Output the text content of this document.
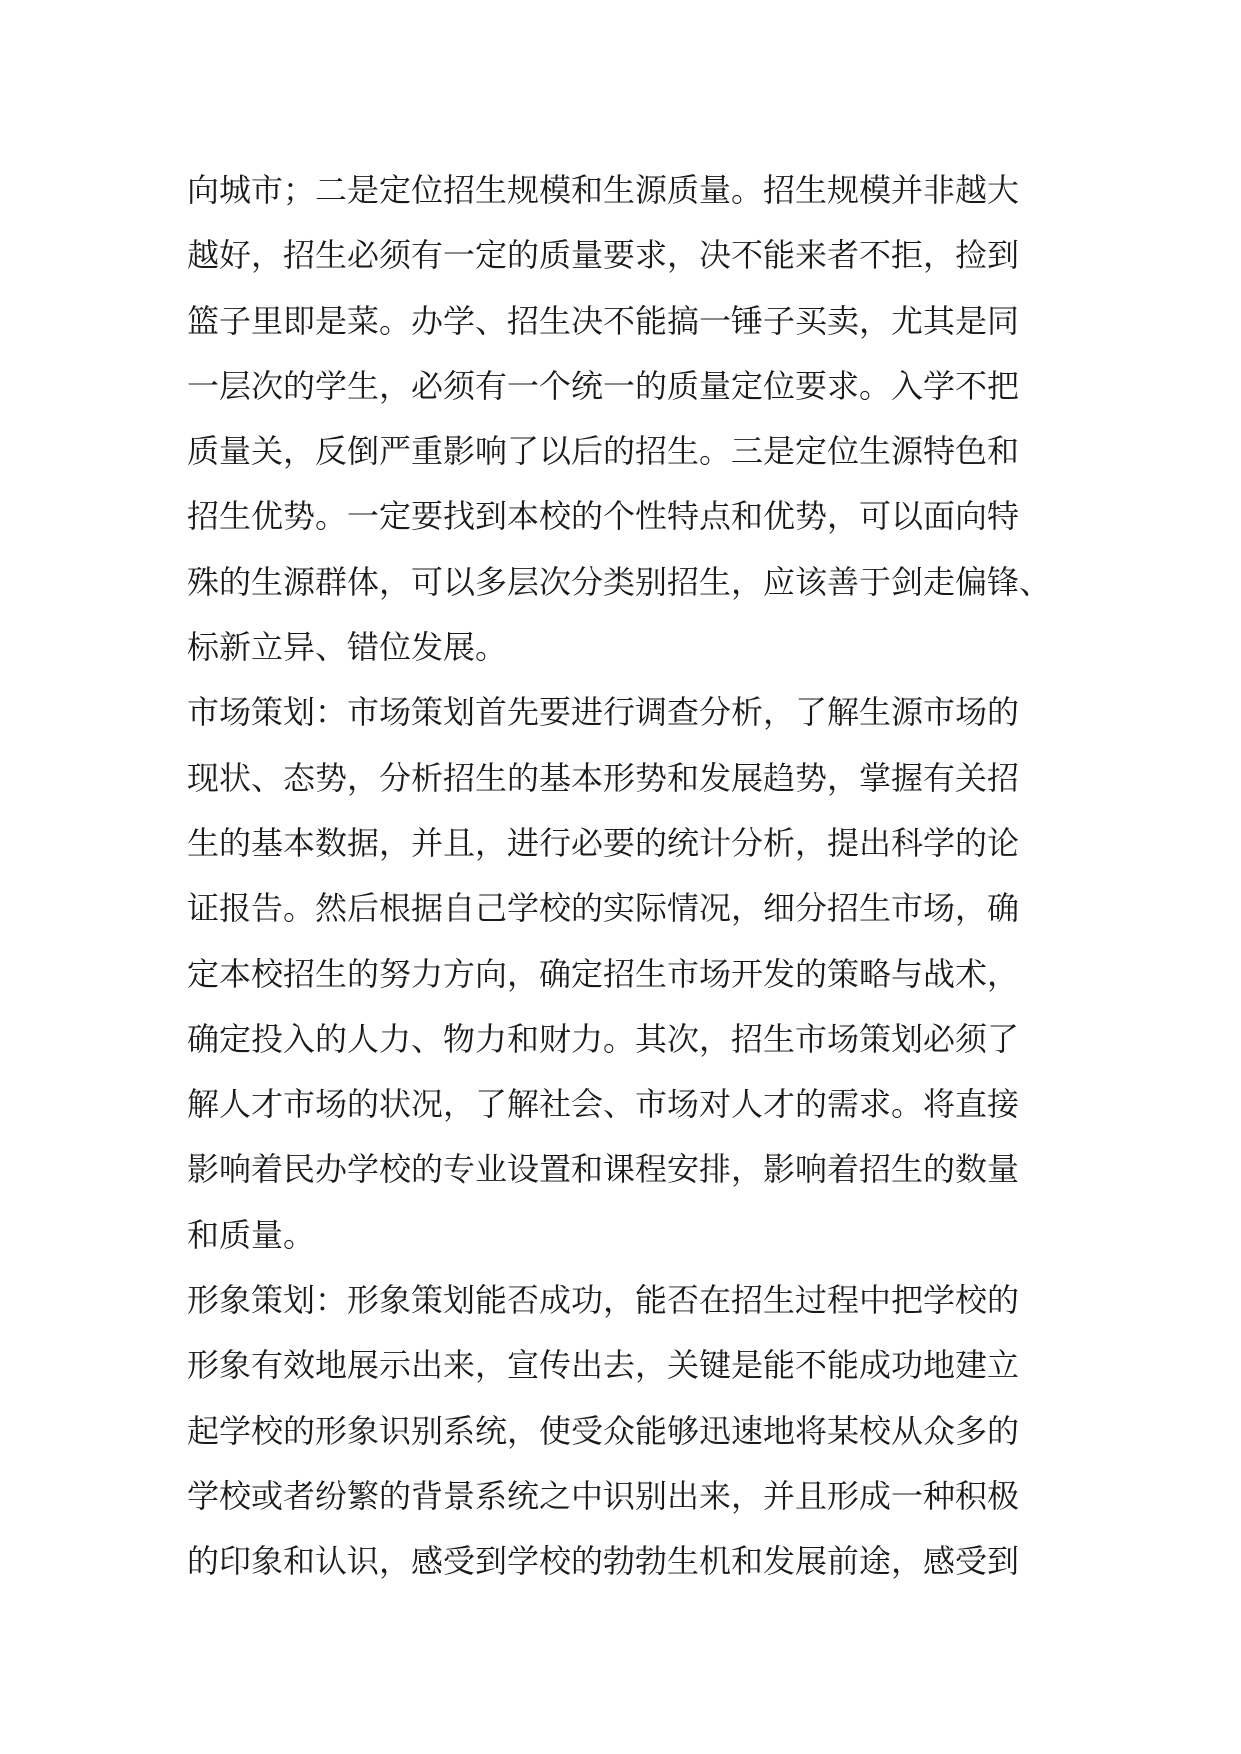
向城市；二是定位招生规模和生源质量。招生规模并非越大
越好，招生必须有一定的质量要求，决不能来者不拒，捡到
篮子里即是菜。办学、招生决不能搞一锤子买卖，尤其是同
一层次的学生，必须有一个统一的质量定位要求。入学不把
质量关，反倒严重影响了以后的招生。三是定位生源特色和
招生优势。一定要找到本校的个性特点和优势，可以面向特
殊的生源群体，可以多层次分类别招生，应该善于剑走偏锋、
标新立异、错位发展。
市场策划：市场策划首先要进行调查分析，了解生源市场的
现状、态势，分析招生的基本形势和发展趋势，掌握有关招
生的基本数据，并且，进行必要的统计分析，提出科学的论
证报告。然后根据自己学校的实际情况，细分招生市场，确
定本校招生的努力方向，确定招生市场开发的策略与战术，
确定投入的人力、物力和财力。其次，招生市场策划必须了
解人才市场的状况，了解社会、市场对人才的需求。将直接
影响着民办学校的专业设置和课程安排，影响着招生的数量
和质量。
形象策划：形象策划能否成功，能否在招生过程中把学校的
形象有效地展示出来，宣传出去，关键是能不能成功地建立
起学校的形象识别系统，使受众能够迅速地将某校从众多的
学校或者纷繁的背景系统之中识别出来，并且形成一种积极
的印象和认识，感受到学校的勃勃生机和发展前途，感受到
